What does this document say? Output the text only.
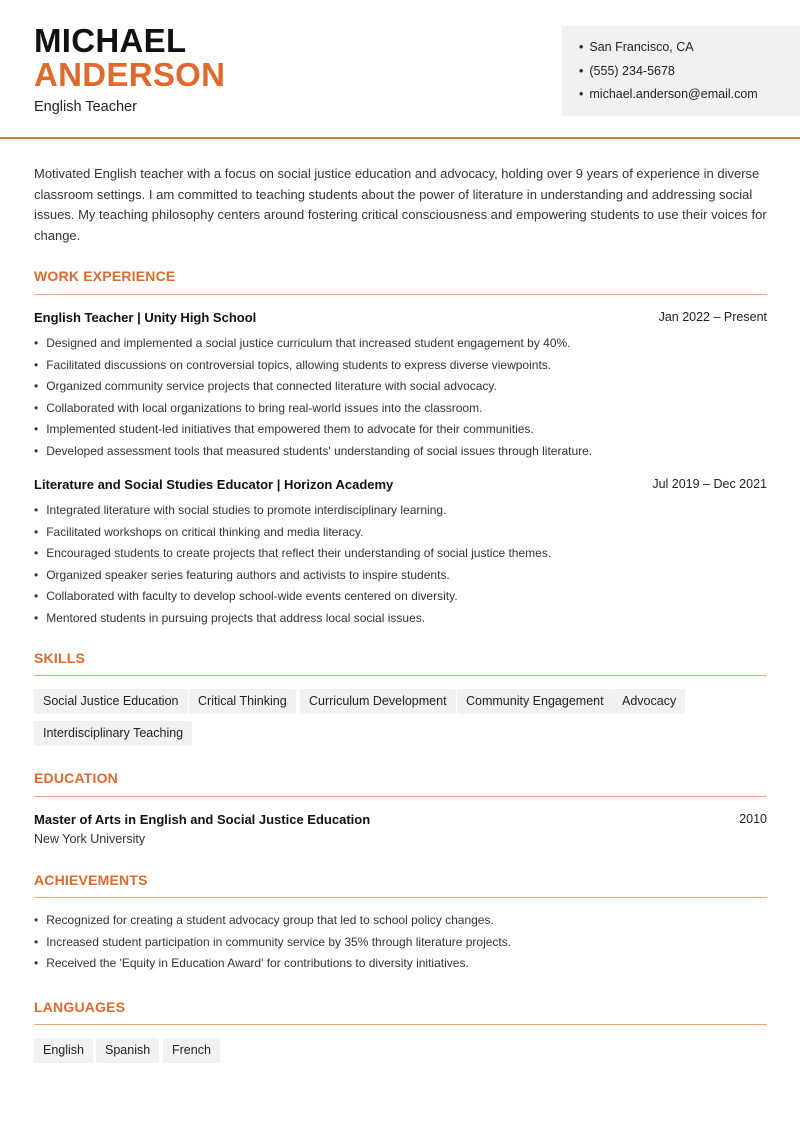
MICHAEL
ANDERSON
English Teacher
• San Francisco, CA
• (555) 234-5678
• michael.anderson@email.com
Motivated English teacher with a focus on social justice education and advocacy, holding over 9 years of experience in diverse classroom settings. I am committed to teaching students about the power of literature in understanding and addressing social issues. My teaching philosophy centers around fostering critical consciousness and empowering students to use their voices for change.
WORK EXPERIENCE
English Teacher | Unity High School	Jan 2022 – Present
• Designed and implemented a social justice curriculum that increased student engagement by 40%.
• Facilitated discussions on controversial topics, allowing students to express diverse viewpoints.
• Organized community service projects that connected literature with social advocacy.
• Collaborated with local organizations to bring real-world issues into the classroom.
• Implemented student-led initiatives that empowered them to advocate for their communities.
• Developed assessment tools that measured students' understanding of social issues through literature.
Literature and Social Studies Educator | Horizon Academy	Jul 2019 – Dec 2021
• Integrated literature with social studies to promote interdisciplinary learning.
• Facilitated workshops on critical thinking and media literacy.
• Encouraged students to create projects that reflect their understanding of social justice themes.
• Organized speaker series featuring authors and activists to inspire students.
• Collaborated with faculty to develop school-wide events centered on diversity.
• Mentored students in pursuing projects that address local social issues.
SKILLS
Social Justice Education	Critical Thinking	Curriculum Development	Community Engagement	Advocacy
Interdisciplinary Teaching
EDUCATION
Master of Arts in English and Social Justice Education	2010
New York University
ACHIEVEMENTS
• Recognized for creating a student advocacy group that led to school policy changes.
• Increased student participation in community service by 35% through literature projects.
• Received the 'Equity in Education Award' for contributions to diversity initiatives.
LANGUAGES
English	Spanish	French
